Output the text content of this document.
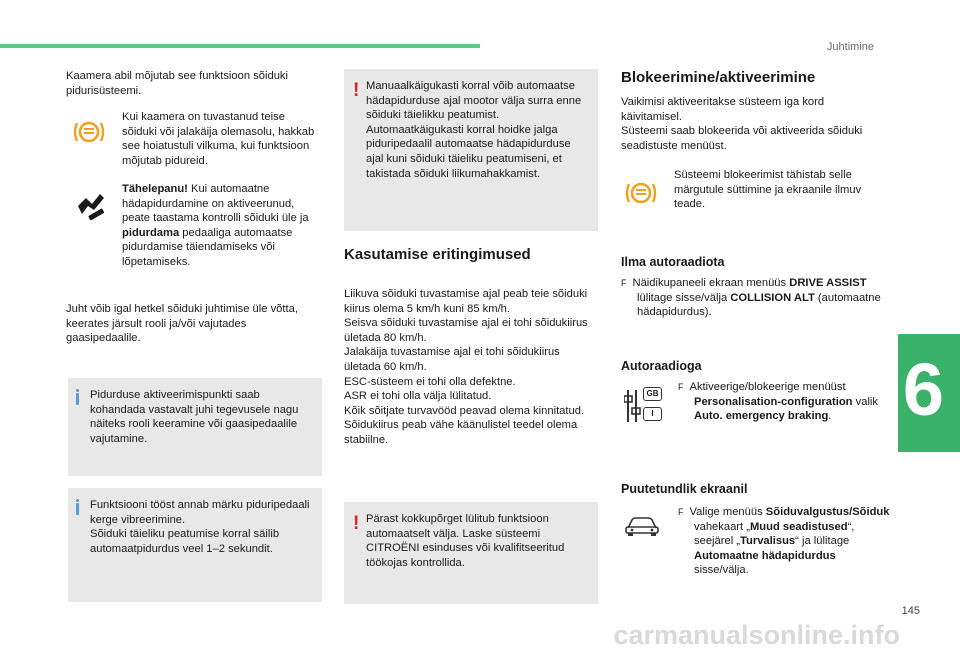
Juhtimine
6

Kaamera abil mõjutab see funktsioon sõiduki pidurisüsteemi.

Kui kaamera on tuvastanud teise sõiduki või jalakäija olemasolu, hakkab see hoiatustuli vilkuma, kui funktsioon mõjutab pidureid.

Tähelepanu! Kui automaatne hädapidurdamine on aktiveerunud, peate taastama kontrolli sõiduki üle ja pidurdama pedaaliga automaatse pidurdamise täiendamiseks või lõpetamiseks.

Juht võib igal hetkel sõiduki juhtimise üle võtta, keerates järsult rooli ja/või vajutades gaasipedaalile.

Pidurduse aktiveerimispunkti saab kohandada vastavalt juhi tegevusele nagu näiteks rooli keeramine või gaasipedaalile vajutamine.

Funktsiooni tööst annab märku piduripedaali kerge vibreerimine.
Sõiduki täieliku peatumise korral säilib automaatpidurdus veel 1–2 sekundit.

! Manuaalkäigukasti korral võib automaatse hädapidurduse ajal mootor välja surra enne sõiduki täielikku peatumist.
Automaatkäigukasti korral hoidke jalga piduripedaalil automaatse hädapidurduse ajal kuni sõiduki täieliku peatumiseni, et takistada sõiduki liikumahakkamist.

Kasutamise eritingimused

Liikuva sõiduki tuvastamise ajal peab teie sõiduki kiirus olema 5 km/h kuni 85 km/h.
Seisva sõiduki tuvastamise ajal ei tohi sõidukiirus ületada 80 km/h.
Jalakäija tuvastamise ajal ei tohi sõidukiirus ületada 60 km/h.
ESC-süsteem ei tohi olla defektne.
ASR ei tohi olla välja lülitatud.
Kõik sõitjate turvavööd peavad olema kinnitatud.
Sõidukiirus peab vähe käänulistel teedel olema stabiilne.

! Pärast kokkupõrget lülitub funktsioon automaatselt välja. Laske süsteemi CITROËNI esinduses või kvalifitseeritud töökojas kontrollida.

Blokeerimine/aktiveerimine

Vaikimisi aktiveeritakse süsteem iga kord käivitamisel.
Süsteemi saab blokeerida või aktiveerida sõiduki seadistuste menüüst.

Süsteemi blokeerimist tähistab selle märgutule süttimine ja ekraanile ilmuv teade.

Ilma autoraadiota

F Näidikupaneeli ekraan menüüs DRIVE ASSIST lülitage sisse/välja COLLISION ALT (automaatne hädapidurdus).

Autoraadioga
GB
I

F Aktiveerige/blokeerige menüüst Personalisation-configuration valik Auto. emergency braking.

Puutetundlik ekraanil

F Valige menüüs Sõiduvalgustus/Sõiduk vahekaart „Muud seadistused“, seejärel „Turvalisus“ ja lülitage Automaatne hädapidurdus sisse/välja.

145
carmanualsonline.info
